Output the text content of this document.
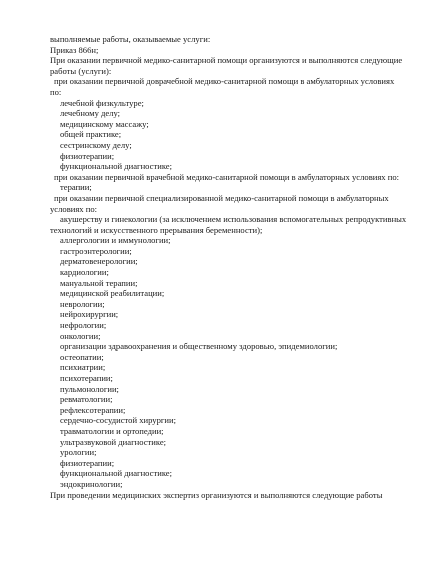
выполняемые работы, оказываемые услуги:
Приказ 866н;
При оказании первичной медико-санитарной помощи организуются и выполняются следующие
работы (услуги):
при оказании первичной доврачебной медико-санитарной помощи в амбулаторных условиях
по:
лечебной физкультуре;
лечебному делу;
медицинскому массажу;
общей практике;
сестринскому делу;
физиотерапии;
функциональной диагностике;
при оказании первичной врачебной медико-санитарной помощи в амбулаторных условиях по:
терапии;
при оказании первичной специализированной медико-санитарной помощи в амбулаторных
условиях по:
акушерству и гинекологии (за исключением использования вспомогательных репродуктивных
технологий и искусственного прерывания беременности);
аллергологии и иммунологии;
гастроэнтерологии;
дерматовенерологии;
кардиологии;
мануальной терапии;
медицинской реабилитации;
неврологии;
нейрохирургии;
нефрологии;
онкологии;
организации здравоохранения и общественному здоровью, эпидемиологии;
остеопатии;
психиатрии;
психотерапии;
пульмонологии;
ревматологии;
рефлексотерапии;
сердечно-сосудистой хирургии;
травматологии и ортопедии;
ультразвуковой диагностике;
урологии;
физиотерапии;
функциональной диагностике;
эндокринологии;
При проведении медицинских экспертиз организуются и выполняются следующие работы
